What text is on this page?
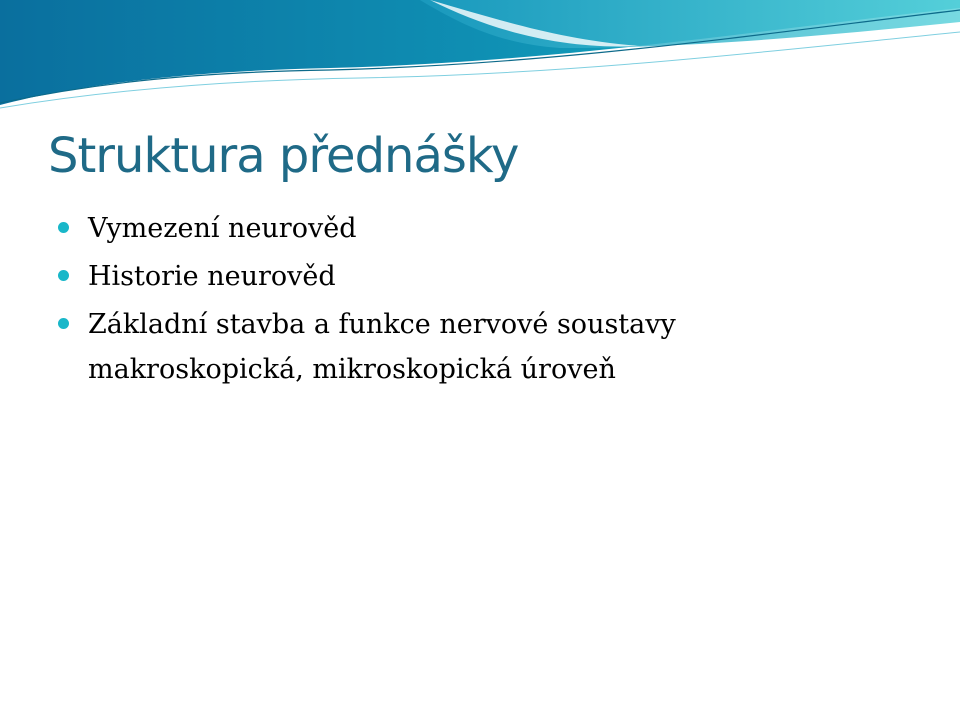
Struktura přednášky
Vymezení neurověd
Historie neurověd
Základní stavba a funkce nervové soustavy
makroskopická, mikroskopická úroveň
